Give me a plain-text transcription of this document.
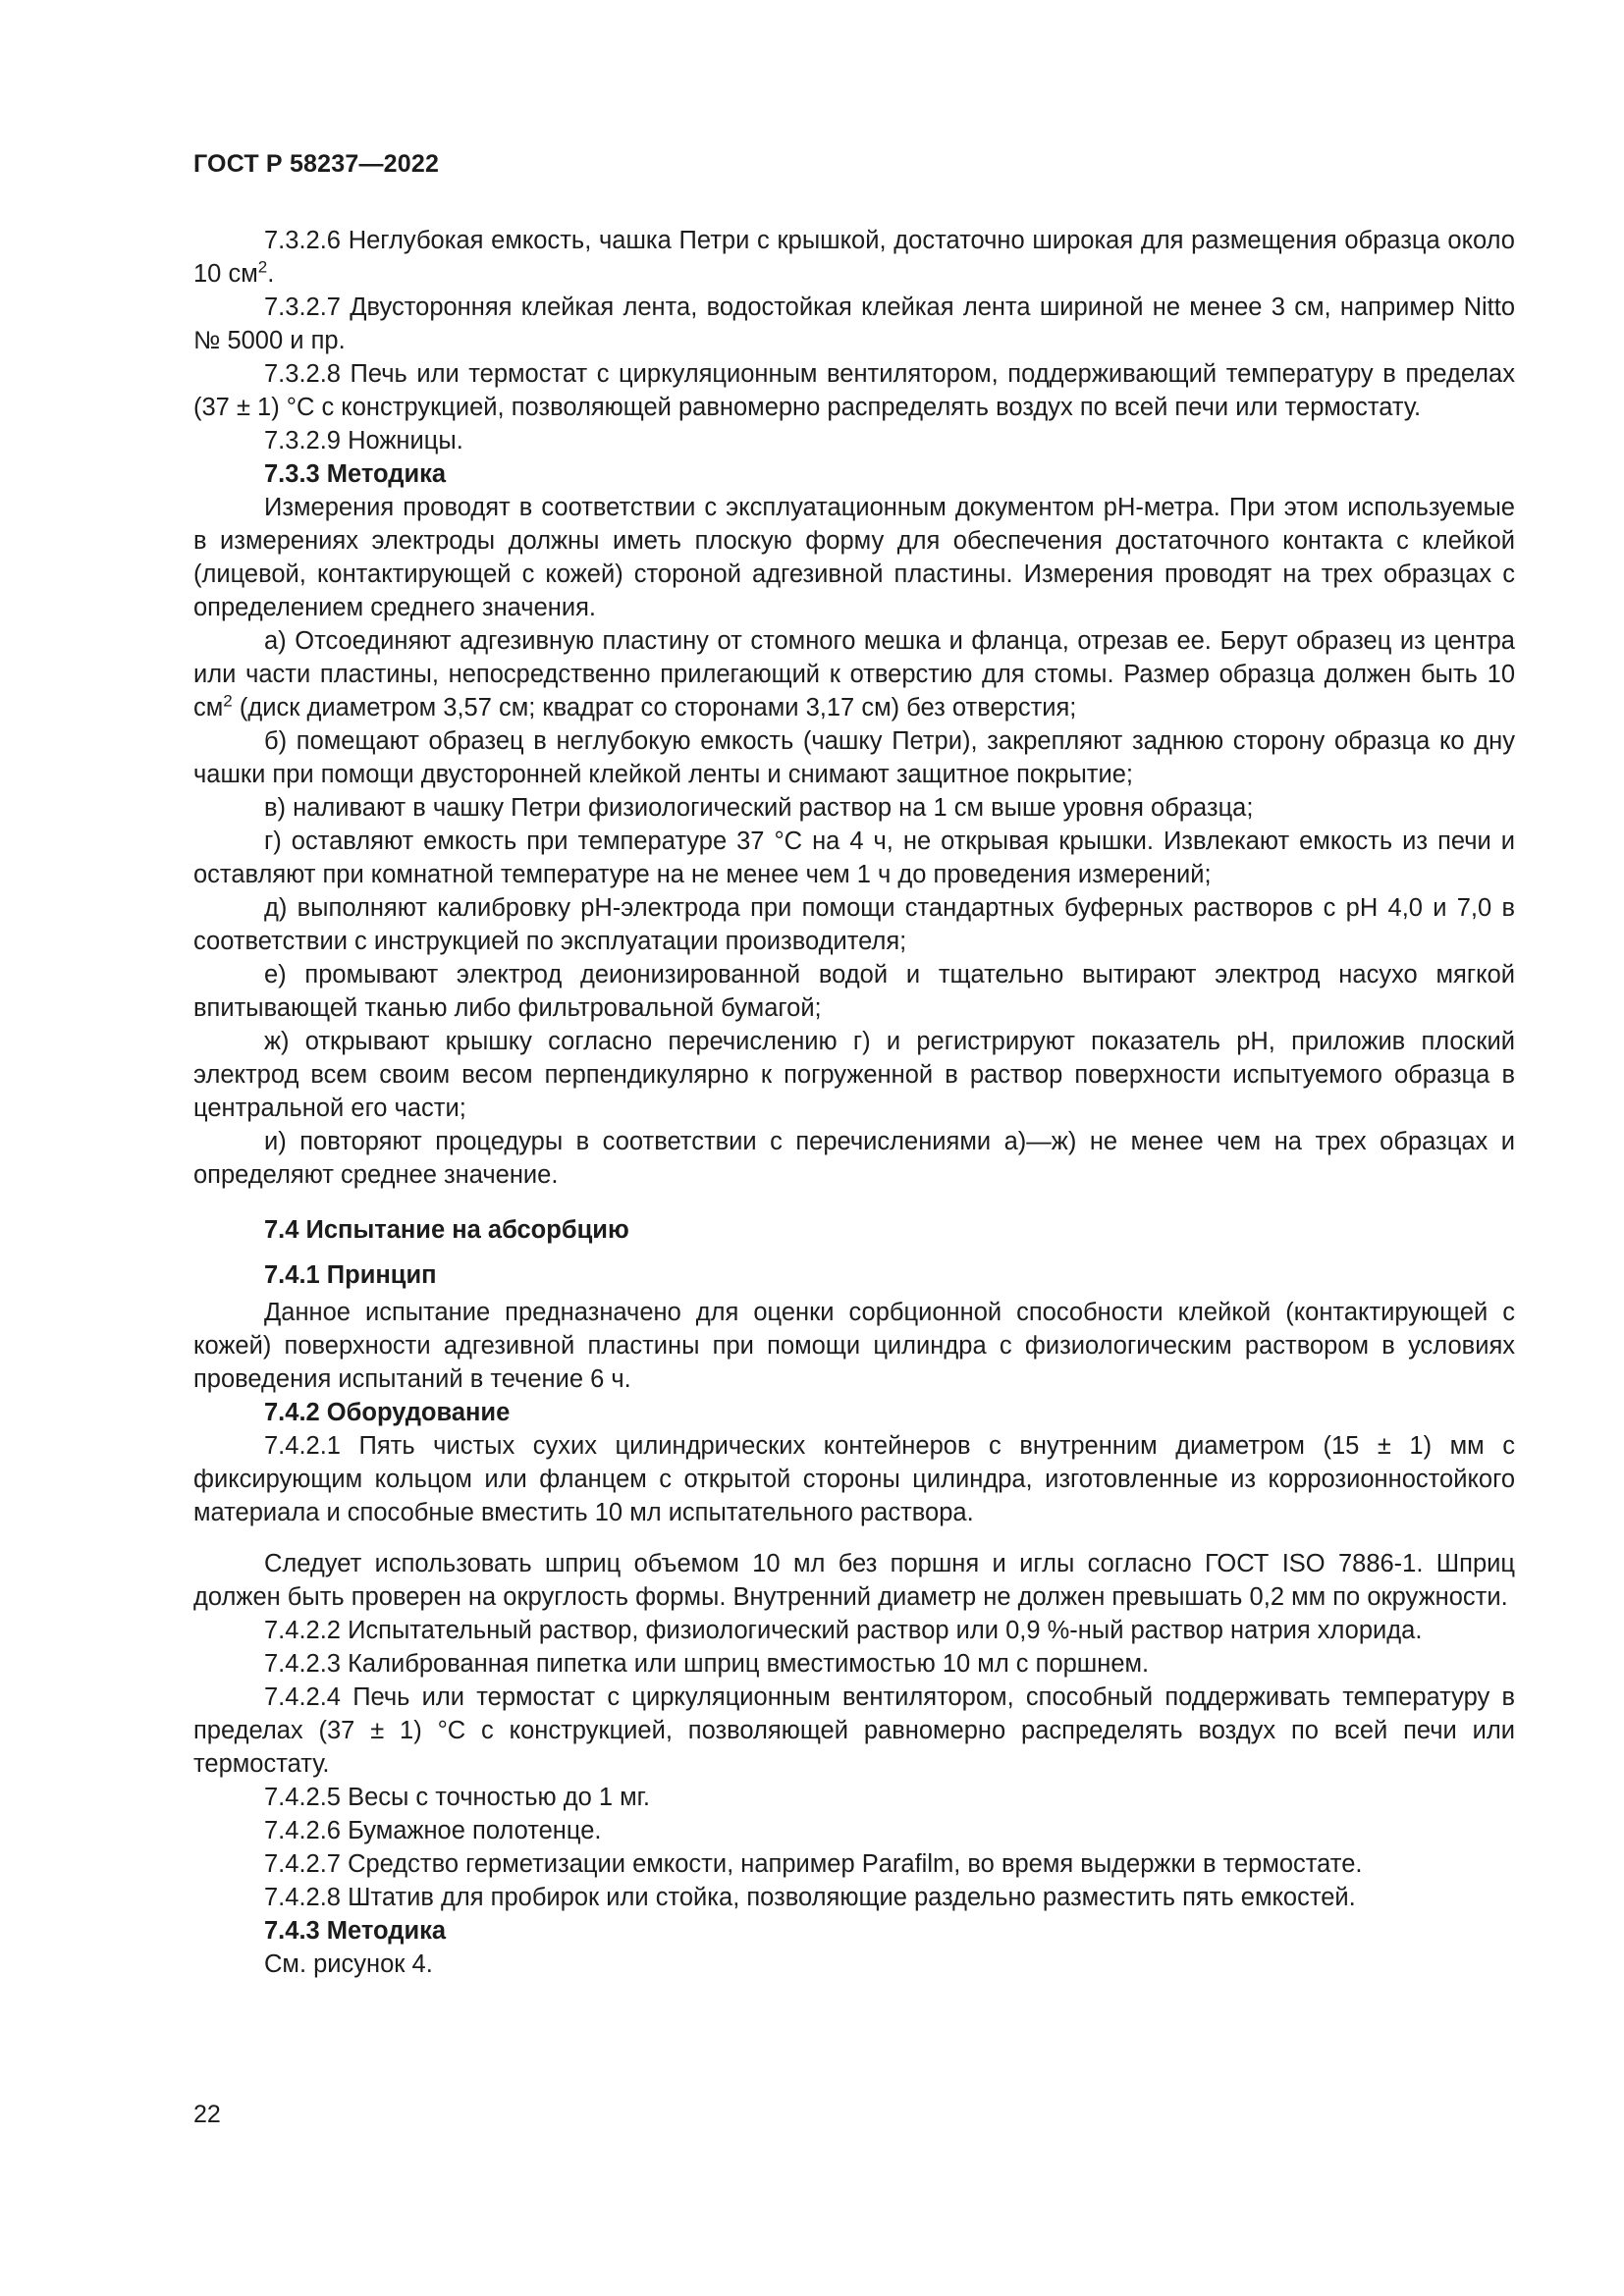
ГОСТ Р 58237—2022

7.3.2.6 Неглубокая емкость, чашка Петри с крышкой, достаточно широкая для размещения образца около 10 $см^2$.

7.3.2.7 Двусторонняя клейкая лента, водостойкая клейкая лента шириной не менее 3 см, например Nitto № 5000 и пр.

7.3.2.8 Печь или термостат с циркуляционным вентилятором, поддерживающий температуру в пределах (37 ± 1) °С с конструкцией, позволяющей равномерно распределять воздух по всей печи или термостату.

7.3.2.9 Ножницы.

7.3.3 Методика

Измерения проводят в соответствии с эксплуатационным документом рН-метра. При этом используемые в измерениях электроды должны иметь плоскую форму для обеспечения достаточного контакта с клейкой (лицевой, контактирующей с кожей) стороной адгезивной пластины. Измерения проводят на трех образцах с определением среднего значения.

а) Отсоединяют адгезивную пластину от стомного мешка и фланца, отрезав ее. Берут образец из центра или части пластины, непосредственно прилегающий к отверстию для стомы. Размер образца должен быть 10 $см^2$ (диск диаметром 3,57 см; квадрат со сторонами 3,17 см) без отверстия;

б) помещают образец в неглубокую емкость (чашку Петри), закрепляют заднюю сторону образца ко дну чашки при помощи двусторонней клейкой ленты и снимают защитное покрытие;

в) наливают в чашку Петри физиологический раствор на 1 см выше уровня образца;

г) оставляют емкость при температуре 37 °С на 4 ч, не открывая крышки. Извлекают емкость из печи и оставляют при комнатной температуре на не менее чем 1 ч до проведения измерений;

д) выполняют калибровку рН-электрода при помощи стандартных буферных растворов с рН 4,0 и 7,0 в соответствии с инструкцией по эксплуатации производителя;

е) промывают электрод деионизированной водой и тщательно вытирают электрод насухо мягкой впитывающей тканью либо фильтровальной бумагой;

ж) открывают крышку согласно перечислению г) и регистрируют показатель рН, приложив плоский электрод всем своим весом перпендикулярно к погруженной в раствор поверхности испытуемого образца в центральной его части;

и) повторяют процедуры в соответствии с перечислениями а)—ж) не менее чем на трех образцах и определяют среднее значение.

7.4 Испытание на абсорбцию

7.4.1 Принцип

Данное испытание предназначено для оценки сорбционной способности клейкой (контактирующей с кожей) поверхности адгезивной пластины при помощи цилиндра с физиологическим раствором в условиях проведения испытаний в течение 6 ч.

7.4.2 Оборудование

7.4.2.1 Пять чистых сухих цилиндрических контейнеров с внутренним диаметром (15 ± 1) мм с фиксирующим кольцом или фланцем с открытой стороны цилиндра, изготовленные из коррозионностойкого материала и способные вместить 10 мл испытательного раствора.

Следует использовать шприц объемом 10 мл без поршня и иглы согласно ГОСТ ISO 7886-1. Шприц должен быть проверен на округлость формы. Внутренний диаметр не должен превышать 0,2 мм по окружности.

7.4.2.2 Испытательный раствор, физиологический раствор или 0,9 %-ный раствор натрия хлорида.

7.4.2.3 Калиброванная пипетка или шприц вместимостью 10 мл с поршнем.

7.4.2.4 Печь или термостат с циркуляционным вентилятором, способный поддерживать температуру в пределах (37 ± 1) °С с конструкцией, позволяющей равномерно распределять воздух по всей печи или термостату.

7.4.2.5 Весы с точностью до 1 мг.

7.4.2.6 Бумажное полотенце.

7.4.2.7 Средство герметизации емкости, например Parafilm, во время выдержки в термостате.

7.4.2.8 Штатив для пробирок или стойка, позволяющие раздельно разместить пять емкостей.

7.4.3 Методика

См. рисунок 4.

22
